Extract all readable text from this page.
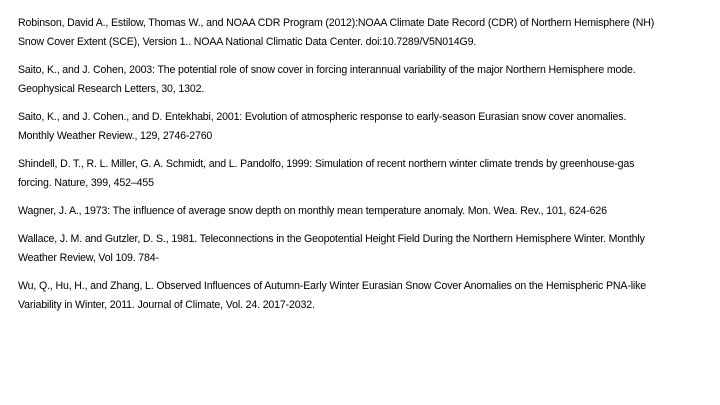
Robinson, David A., Estilow, Thomas W., and NOAA CDR Program (2012):NOAA Climate Date Record (CDR) of Northern Hemisphere (NH)
Snow Cover Extent (SCE), Version 1.. NOAA National Climatic Data Center. doi:10.7289/V5N014G9.
Saito, K., and J. Cohen, 2003: The potential role of snow cover in forcing interannual variability of the major Northern Hemisphere mode.
Geophysical Research Letters, 30, 1302.
Saito, K., and J. Cohen., and D. Entekhabi, 2001: Evolution of atmospheric response to early-season Eurasian snow cover anomalies.
Monthly Weather Review., 129, 2746-2760
Shindell, D. T., R. L. Miller, G. A. Schmidt, and L. Pandolfo, 1999: Simulation of recent northern winter climate trends by greenhouse-gas
forcing. Nature, 399, 452–455
Wagner, J. A., 1973: The influence of average snow depth on monthly mean temperature anomaly. Mon. Wea. Rev., 101, 624-626
Wallace, J. M. and Gutzler, D. S., 1981. Teleconnections in the Geopotential Height Field During the Northern Hemisphere Winter. Monthly
Weather Review, Vol 109. 784-
Wu, Q., Hu, H., and Zhang, L. Observed Influences of Autumn-Early Winter Eurasian Snow Cover Anomalies on the Hemispheric PNA-like
Variability in Winter, 2011. Journal of Climate, Vol. 24. 2017-2032.
